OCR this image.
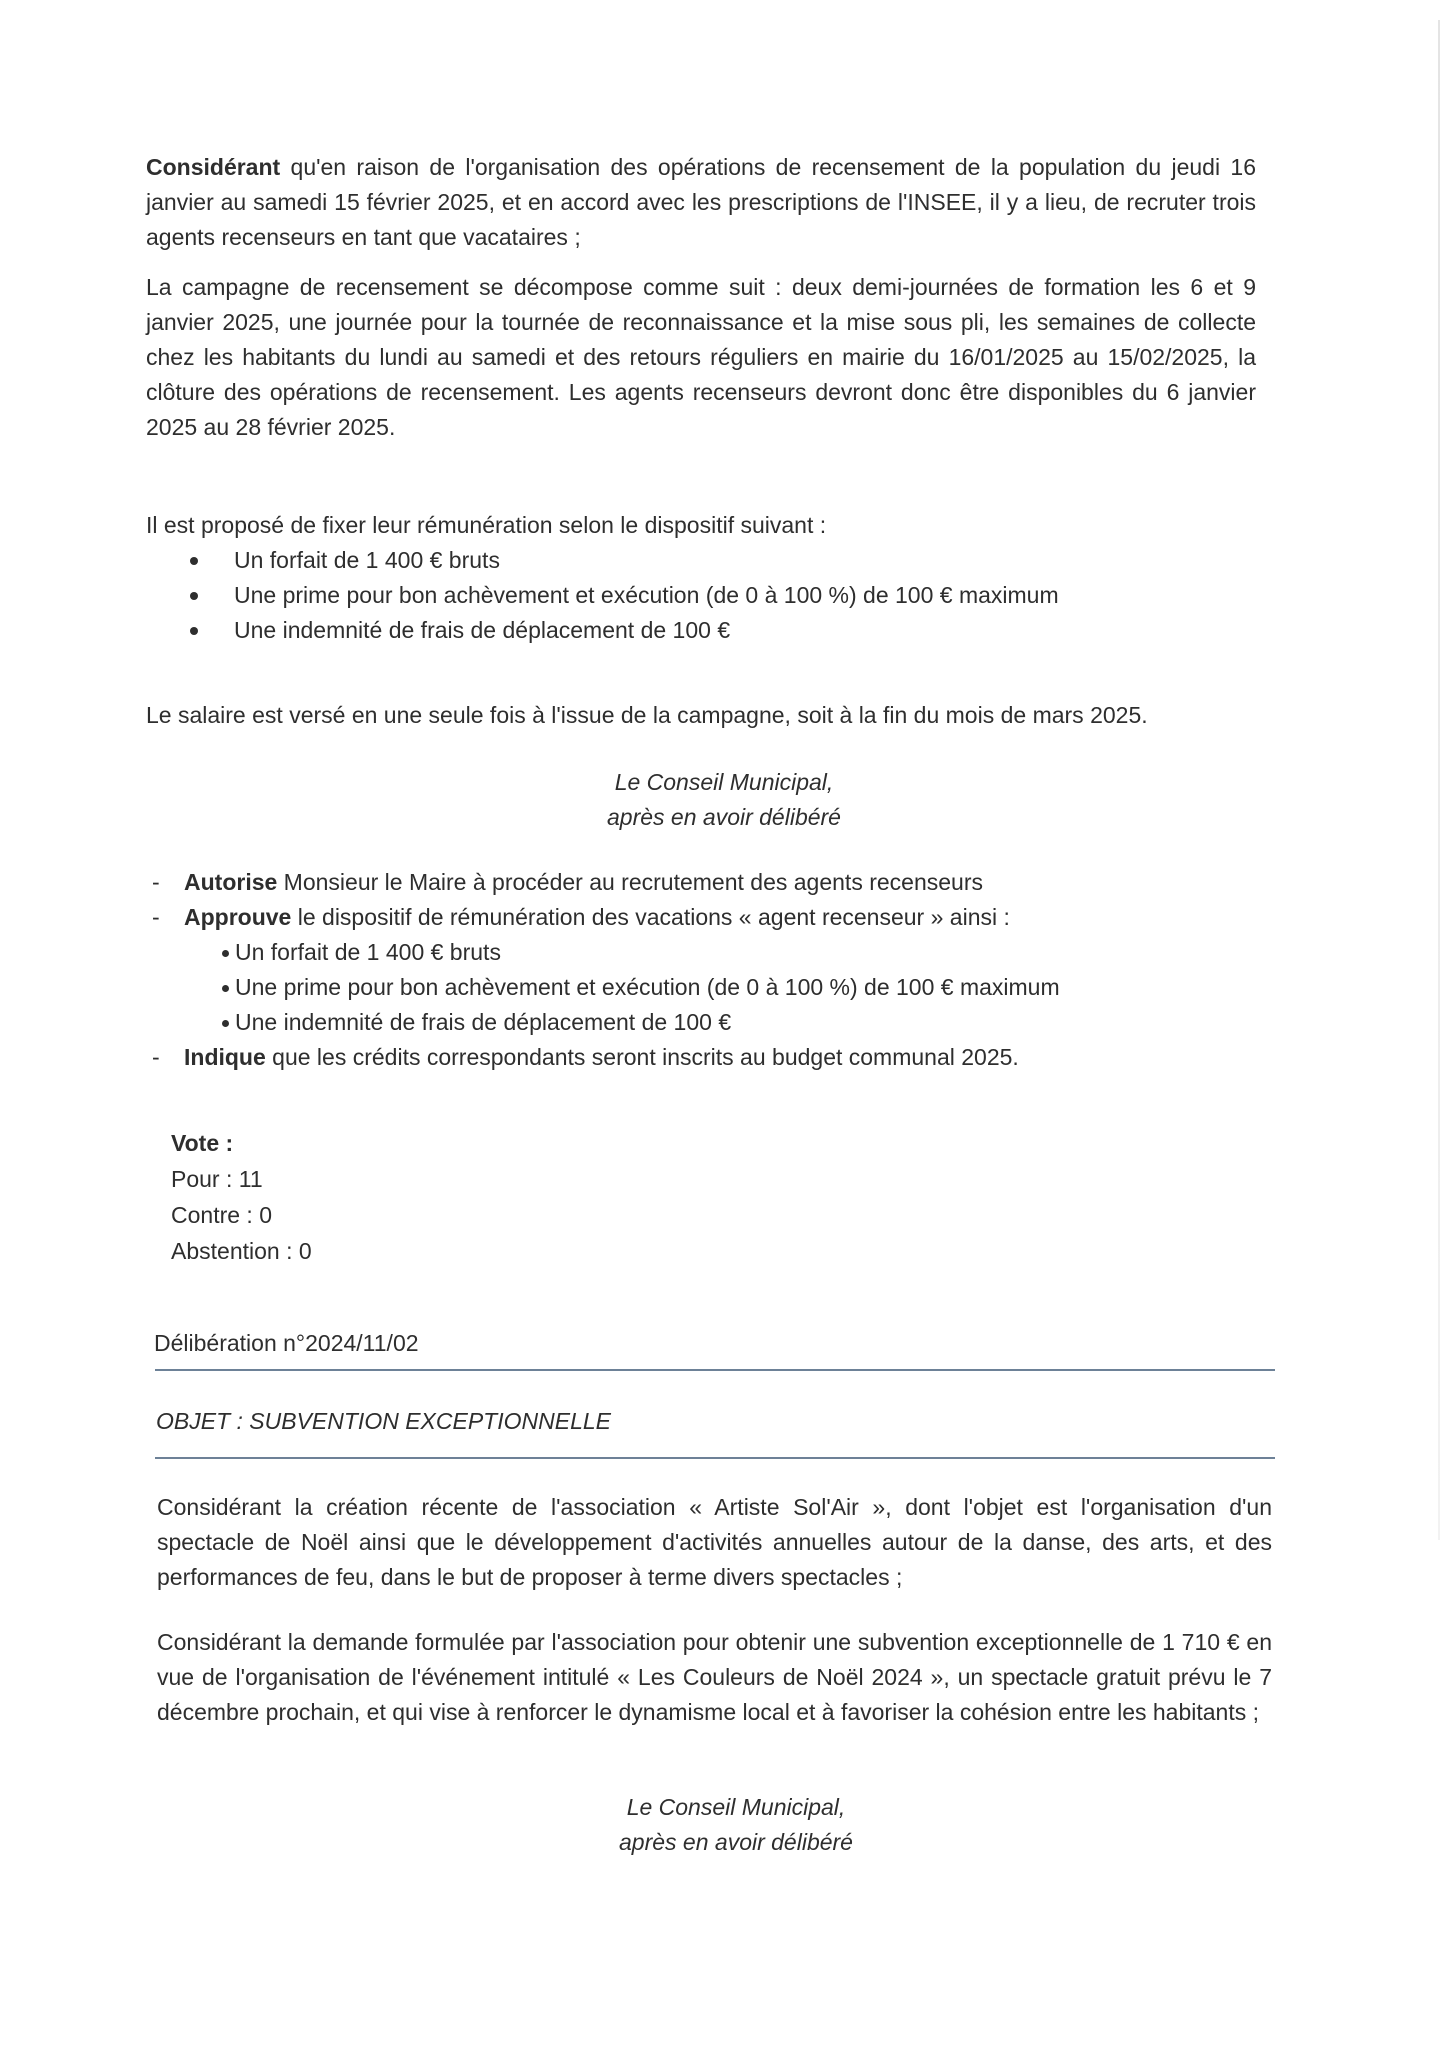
Considérant qu'en raison de l'organisation des opérations de recensement de la population du jeudi 16 janvier au samedi 15 février 2025, et en accord avec les prescriptions de l'INSEE, il y a lieu, de recruter trois agents recenseurs en tant que vacataires ;

La campagne de recensement se décompose comme suit : deux demi-journées de formation les 6 et 9 janvier 2025, une journée pour la tournée de reconnaissance et la mise sous pli, les semaines de collecte chez les habitants du lundi au samedi et des retours réguliers en mairie du 16/01/2025 au 15/02/2025, la clôture des opérations de recensement. Les agents recenseurs devront donc être disponibles du 6 janvier 2025 au 28 février 2025.

Il est proposé de fixer leur rémunération selon le dispositif suivant :

Un forfait de 1 400 € bruts
Une prime pour bon achèvement et exécution (de 0 à 100 %) de 100 € maximum
Une indemnité de frais de déplacement de 100 €

Le salaire est versé en une seule fois à l'issue de la campagne, soit à la fin du mois de mars 2025.

Le Conseil Municipal,
après en avoir délibéré
- Autorise Monsieur le Maire à procéder au recrutement des agents recenseurs
- Approuve le dispositif de rémunération des vacations « agent recenseur » ainsi :
Un forfait de 1 400 € bruts
Une prime pour bon achèvement et exécution (de 0 à 100 %) de 100 € maximum
Une indemnité de frais de déplacement de 100 €
- Indique que les crédits correspondants seront inscrits au budget communal 2025.
Vote :
Pour : 11
Contre : 0
Abstention : 0
Délibération n°2024/11/02
OBJET : SUBVENTION EXCEPTIONNELLE

Considérant la création récente de l'association « Artiste Sol'Air », dont l'objet est l'organisation d'un spectacle de Noël ainsi que le développement d'activités annuelles autour de la danse, des arts, et des performances de feu, dans le but de proposer à terme divers spectacles ;

Considérant la demande formulée par l'association pour obtenir une subvention exceptionnelle de 1 710 € en vue de l'organisation de l'événement intitulé « Les Couleurs de Noël 2024 », un spectacle gratuit prévu le 7 décembre prochain, et qui vise à renforcer le dynamisme local et à favoriser la cohésion entre les habitants ;

Le Conseil Municipal,
après en avoir délibéré
